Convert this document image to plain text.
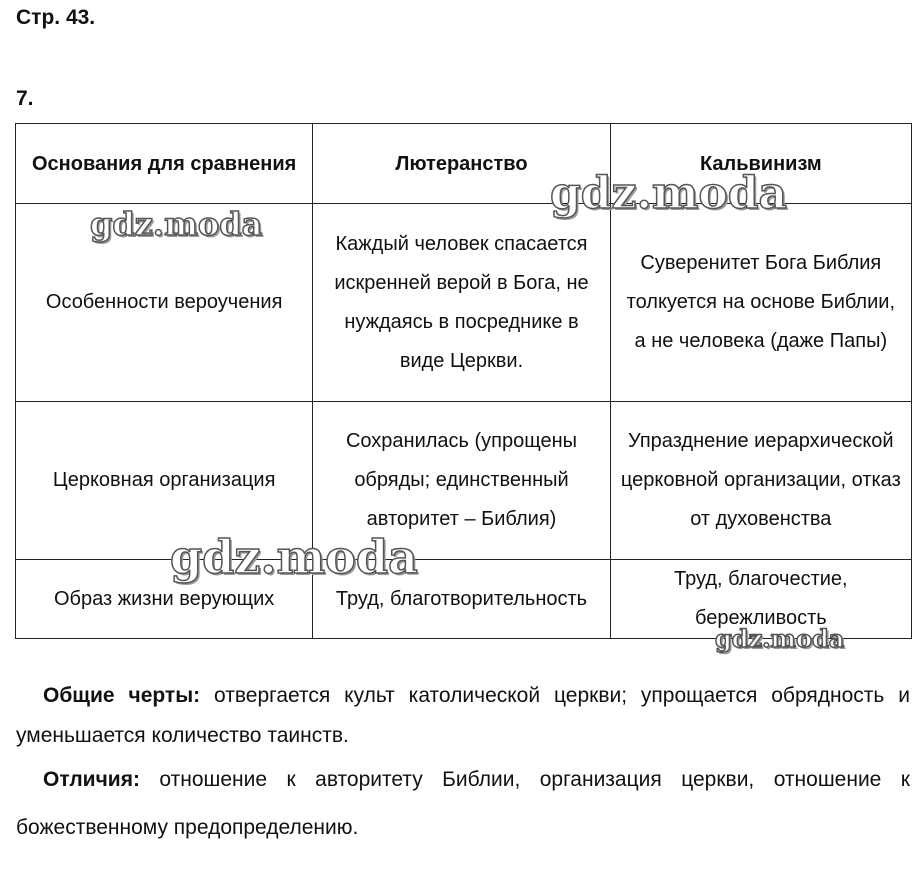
Стр. 43.
7.
Основания для сравнения	Лютеранство	Кальвинизм
Особенности вероучения	Каждый человек спасается искренней верой в Бога, не нуждаясь в посреднике в виде Церкви.	Суверенитет Бога Библия толкуется на основе Библии, а не человека (даже Папы)
Церковная организация	Сохранилась (упрощены обряды; единственный авторитет – Библия)	Упразднение иерархической церковной организации, отказ от духовенства
Образ жизни верующих	Труд, благотворительность	Труд, благочестие, бережливость

Общие черты: отвергается культ католической церкви; упрощается обрядность и уменьшается количество таинств.

Отличия: отношение к авторитету Библии, организация церкви, отношение к божественному предопределению.

gdz.moda
gdz.moda
gdz.moda
gdz.moda
